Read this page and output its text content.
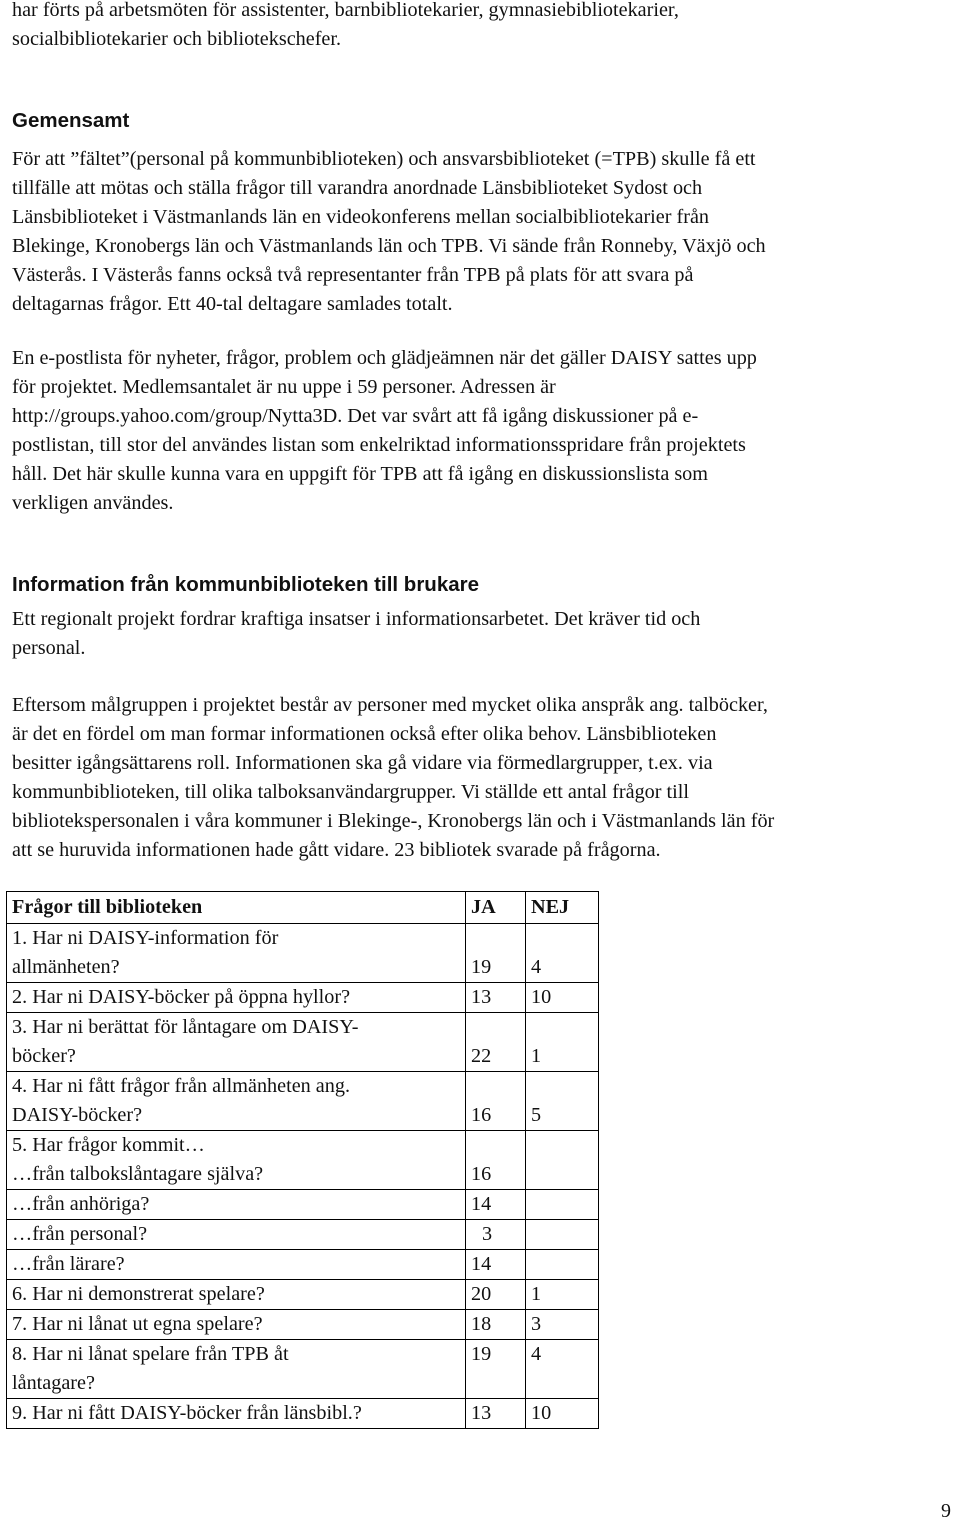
har förts på arbetsmöten för assistenter, barnbibliotekarier, gymnasiebibliotekarier,
socialbibliotekarier och bibliotekschefer.

Gemensamt

För att ”fältet”(personal på kommunbiblioteken) och ansvarsbiblioteket (=TPB) skulle få ett
tillfälle att mötas och ställa frågor till varandra anordnade Länsbiblioteket Sydost och
Länsbiblioteket i Västmanlands län en videokonferens mellan socialbibliotekarier från
Blekinge, Kronobergs län och Västmanlands län och TPB. Vi sände från Ronneby, Växjö och
Västerås. I Västerås fanns också två representanter från TPB på plats för att svara på
deltagarnas frågor. Ett 40-tal deltagare samlades totalt.

En e-postlista för nyheter, frågor, problem och glädjeämnen när det gäller DAISY sattes upp
för projektet. Medlemsantalet är nu uppe i 59 personer. Adressen är
http://groups.yahoo.com/group/Nytta3D. Det var svårt att få igång diskussioner på e-
postlistan, till stor del användes listan som enkelriktad informationsspridare från projektets
håll. Det här skulle kunna vara en uppgift för TPB att få igång en diskussionslista som
verkligen användes.

Information från kommunbiblioteken till brukare

Ett regionalt projekt fordrar kraftiga insatser i informationsarbetet. Det kräver tid och
personal.

Eftersom målgruppen i projektet består av personer med mycket olika anspråk ang. talböcker,
är det en fördel om man formar informationen också efter olika behov. Länsbiblioteken
besitter igångsättarens roll. Informationen ska gå vidare via förmedlargrupper, t.ex. via
kommunbiblioteken, till olika talboksanvändargrupper. Vi ställde ett antal frågor till
bibliotekspersonalen i våra kommuner i Blekinge-, Kronobergs län och i Västmanlands län för
att se huruvida informationen hade gått vidare. 23 bibliotek svarade på frågorna.

Frågor till biblioteken	JA	NEJ
1. Har ni DAISY-information för
allmänheten?	19	4
2. Har ni DAISY-böcker på öppna hyllor?	13	10
3. Har ni berättat för låntagare om DAISY-
böcker?	22	1
4. Har ni fått frågor från allmänheten ang.
DAISY-böcker?	16	5
5. Har frågor kommit…
…från talbokslåntagare själva?	16	
…från anhöriga?	14	
…från personal?	3	
…från lärare?	14	
6. Har ni demonstrerat spelare?	20	1
7. Har ni lånat ut egna spelare?	18	3
8. Har ni lånat spelare från TPB åt
låntagare?	19	4
9. Har ni fått DAISY-böcker från länsbibl.?	13	10

9
